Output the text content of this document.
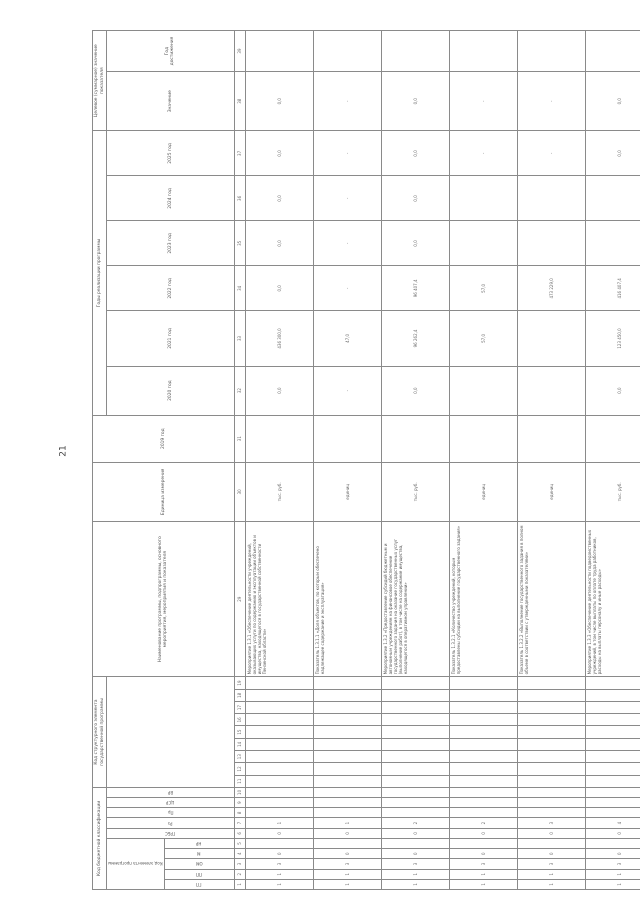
21
Код бюджетной классификации										Код структурного элемента государственной программы									Наименование программы, подпрограммы, основного мероприятия, мероприятия и показателя	Единица измерения	2019 год	Годы реализации программы						Целевое (суммарное) значение показателя	

Код элемента программы					ГРБС	Рз	Пр	ЦСР	ВР													2020 год	2021 год	2022 год	2023 год	2024 год	2025 год	Значение	Год достижения

ГП	ПП	ОМ	М	НР																									

1	2	3	4	5	6	7	8	9	10	11	12	13	14	15	16	17	18	19	29	30	31	32	33	34	35	36	37	38	39
1	1	3	0		0	1													Мероприятие 1.3.1 «Обеспечение деятельности учреждений, оказывающих услуги по содержанию и эксплуатации объектов и имущества, находящегося в государственной собственности Пензенской области»	тыс. руб.		0,0	436 300,0	0,0	0,0	0,0	0,0	0,0	
1	1	3	0		0	1													Показатель 1.3.1.1 «Доля объектов, по которым обеспечено надлежащее содержание и эксплуатация»	единиц		-	47,0	-	-	-	-	-	
1	1	3	0		0	2													Мероприятие 1.3.2 «Предоставление субсидий бюджетным и автономным учреждениям на финансовое обеспечение государственного задания на оказание государственных услуг (выполнение работ), в том числе на содержание имущества, находящегося в оперативном управлении»	тыс. руб.		0,0	96 262,4	96 407,4	0,0	0,0	0,0	0,0	
1	1	3	0		0	2													Показатель 1.3.2.1 «Количество учреждений, которым предоставлены субсидии на выполнение государственного задания»	единиц			57,0	57,0			-	-	
1	1	3	0		0	3													Показатель 1.3.2.2 «Выполнение государственного задания в полном объеме в соответствии с утвержденными показателями»	единиц				473 229,0			-	-	
1	1	3	0		0	4													Мероприятие 1.3.3 «Обеспечение деятельности подведомственных учреждений, в том числе выплаты по оплате труда работников, расходы на выплаты персоналу и иные расходы»	тыс. руб.		0,0	123 450,0	416 407,4			0,0	0,0	
